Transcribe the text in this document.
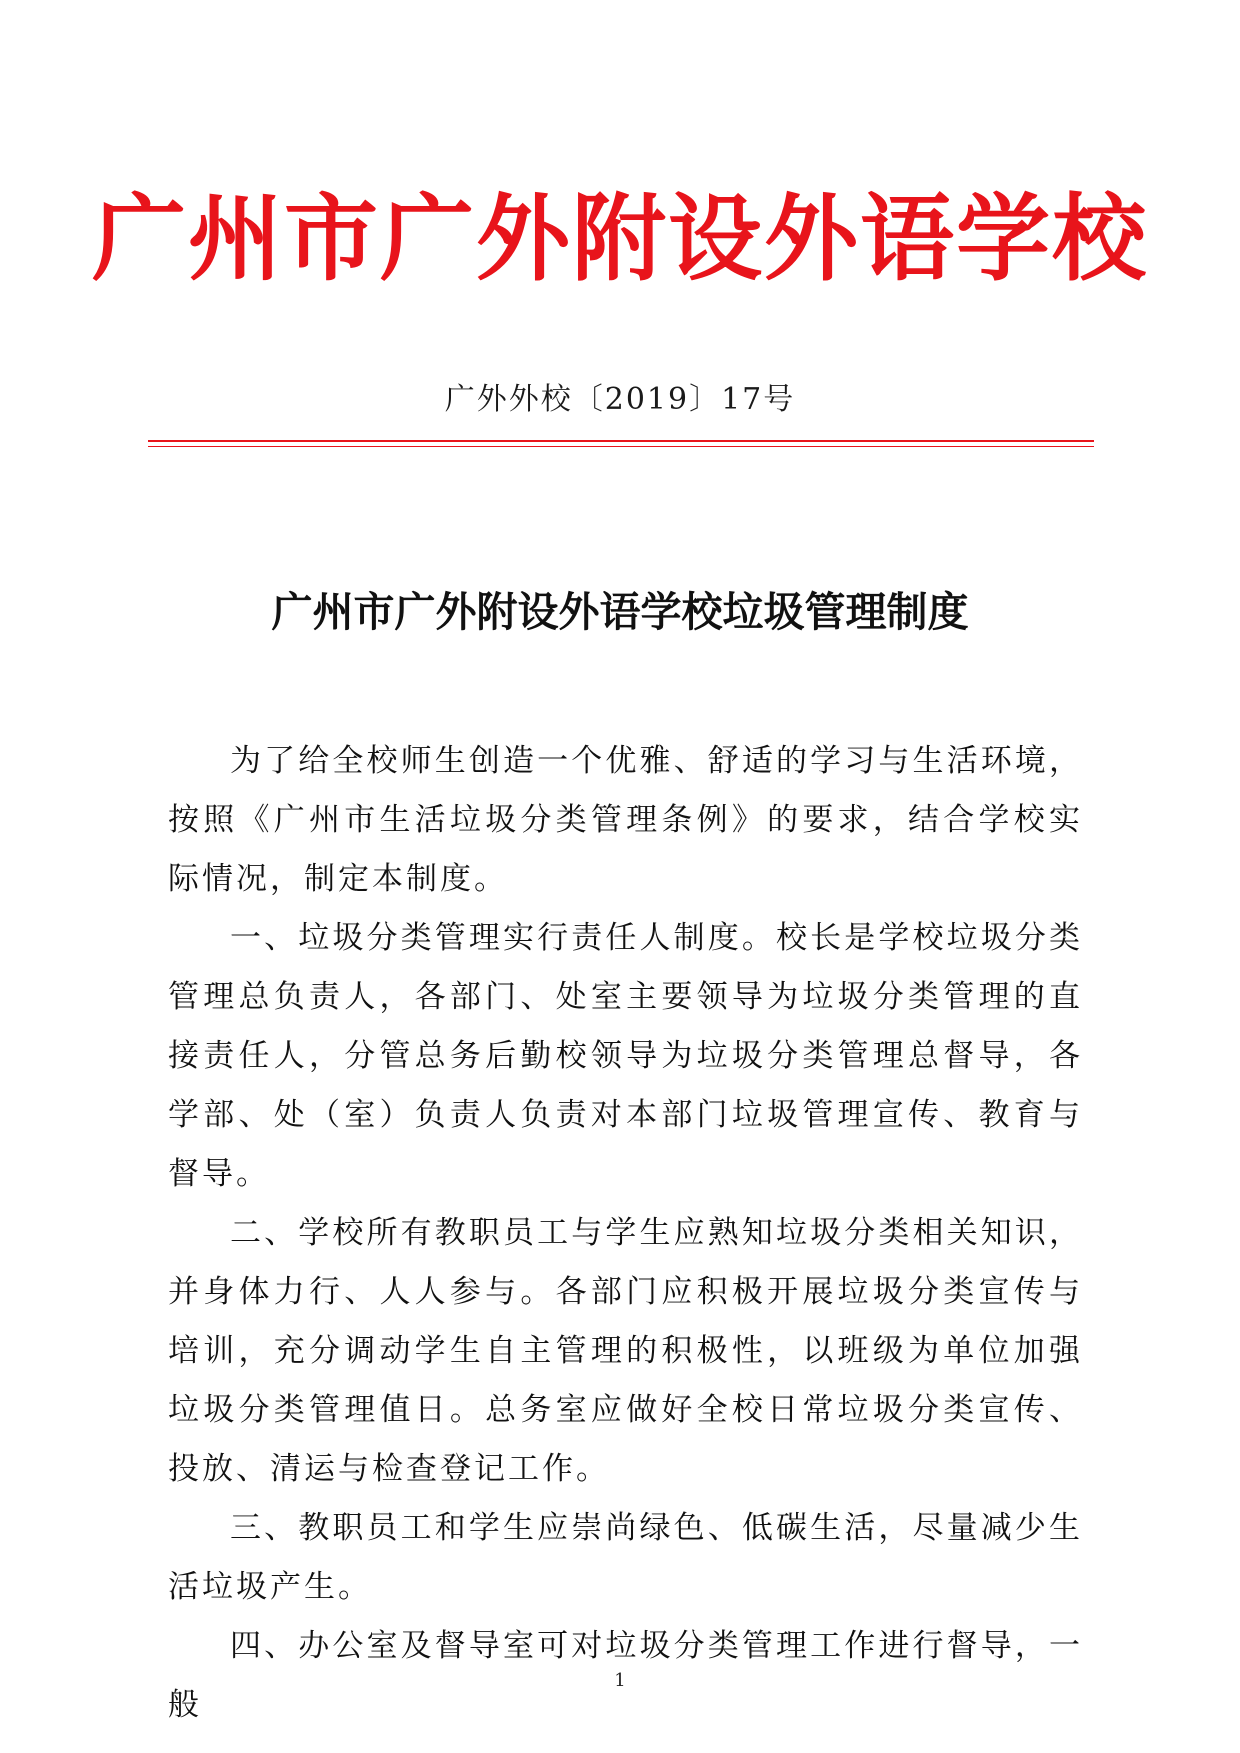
广州市广外附设外语学校
广外外校〔2019〕17号
广州市广外附设外语学校垃圾管理制度

为了给全校师生创造一个优雅、舒适的学习与生活环境，按照《广州市生活垃圾分类管理条例》的要求，结合学校实际情况，制定本制度。

一、垃圾分类管理实行责任人制度。校长是学校垃圾分类管理总负责人，各部门、处室主要领导为垃圾分类管理的直接责任人，分管总务后勤校领导为垃圾分类管理总督导，各学部、处（室）负责人负责对本部门垃圾管理宣传、教育与督导。

二、学校所有教职员工与学生应熟知垃圾分类相关知识，并身体力行、人人参与。各部门应积极开展垃圾分类宣传与培训，充分调动学生自主管理的积极性，以班级为单位加强垃圾分类管理值日。总务室应做好全校日常垃圾分类宣传、投放、清运与检查登记工作。

三、教职员工和学生应崇尚绿色、低碳生活，尽量减少生活垃圾产生。

四、办公室及督导室可对垃圾分类管理工作进行督导，一般

1
